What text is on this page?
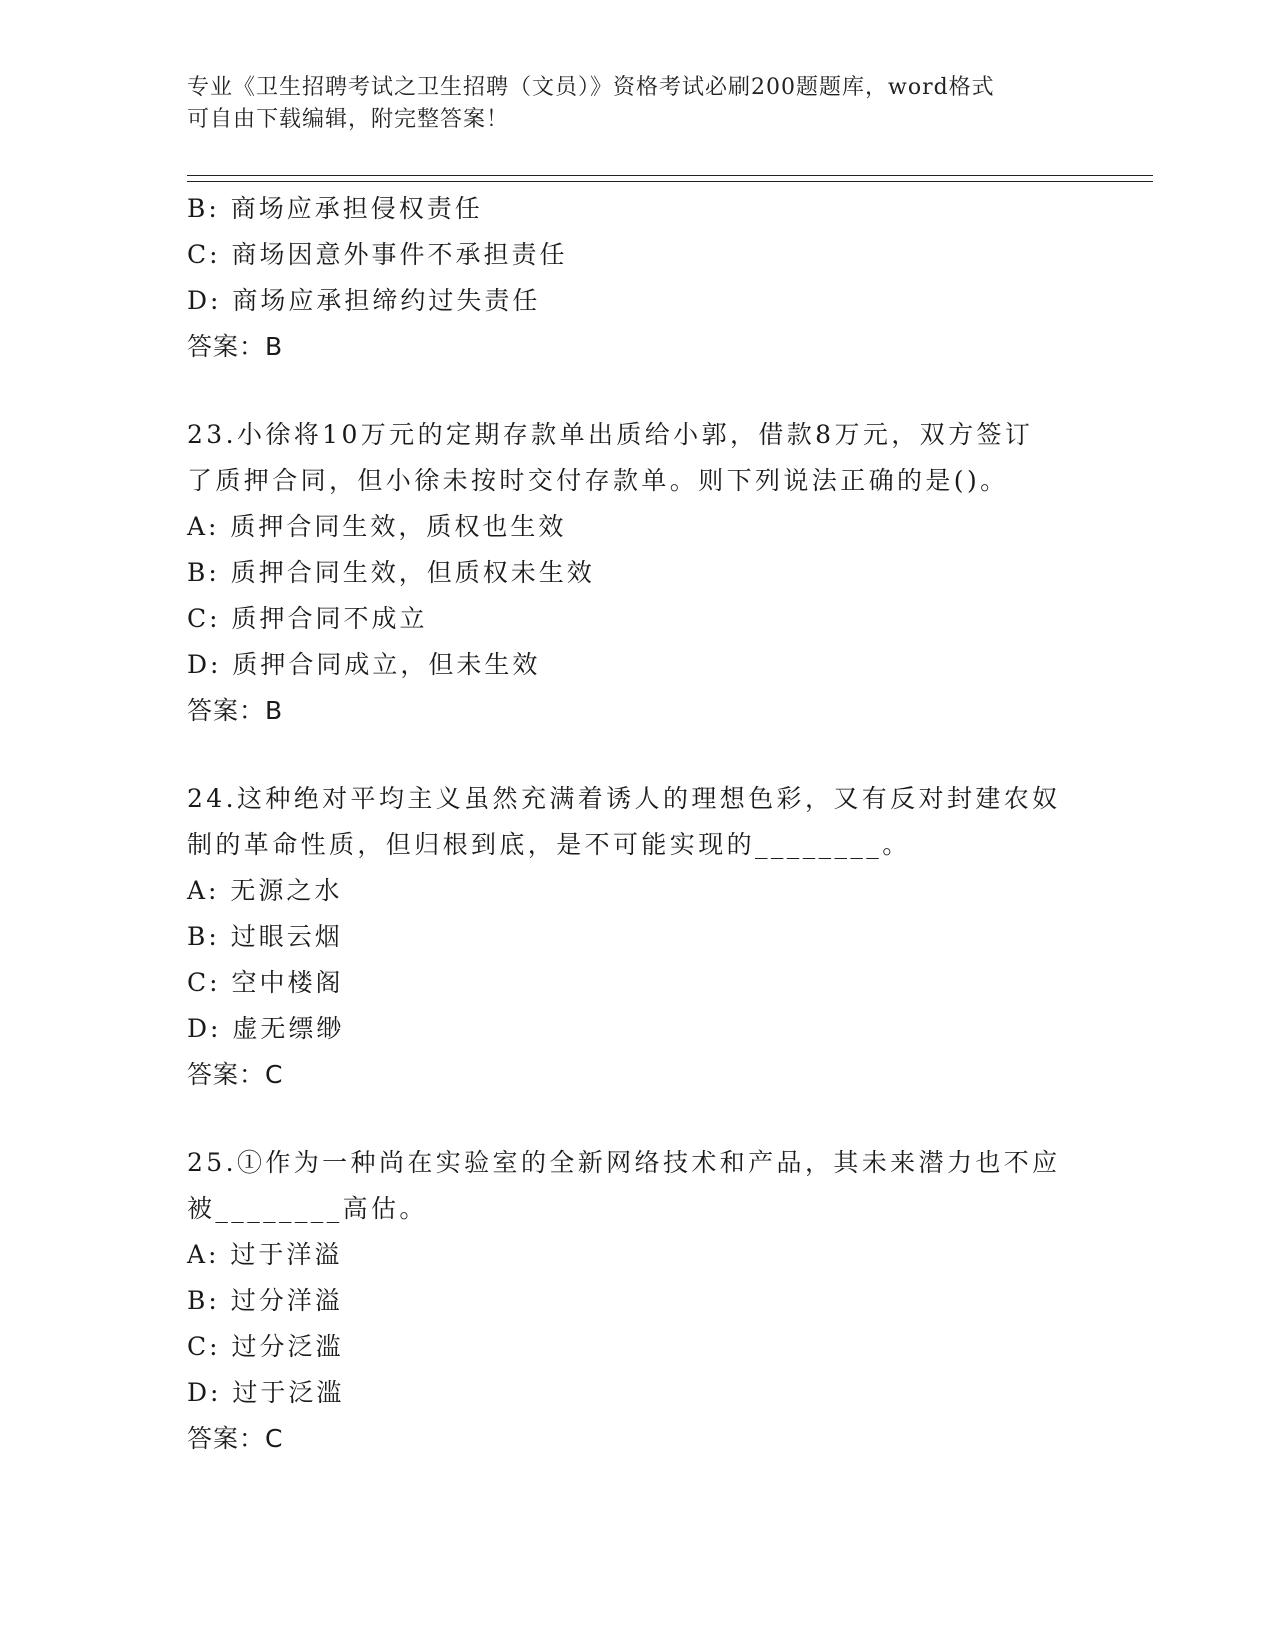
专业《卫生招聘考试之卫生招聘（文员）》资格考试必刷200题题库，word格式
可自由下载编辑，附完整答案！
B: 商场应承担侵权责任
C: 商场因意外事件不承担责任
D: 商场应承担缔约过失责任
答案：B
23.小徐将10万元的定期存款单出质给小郭，借款8万元，双方签订
了质押合同，但小徐未按时交付存款单。则下列说法正确的是()。
A: 质押合同生效，质权也生效
B: 质押合同生效，但质权未生效
C: 质押合同不成立
D: 质押合同成立，但未生效
答案：B
24.这种绝对平均主义虽然充满着诱人的理想色彩，又有反对封建农奴
制的革命性质，但归根到底，是不可能实现的________。
A: 无源之水
B: 过眼云烟
C: 空中楼阁
D: 虚无缥缈
答案：C
25.①作为一种尚在实验室的全新网络技术和产品，其未来潜力也不应
被________高估。
A: 过于洋溢
B: 过分洋溢
C: 过分泛滥
D: 过于泛滥
答案：C
